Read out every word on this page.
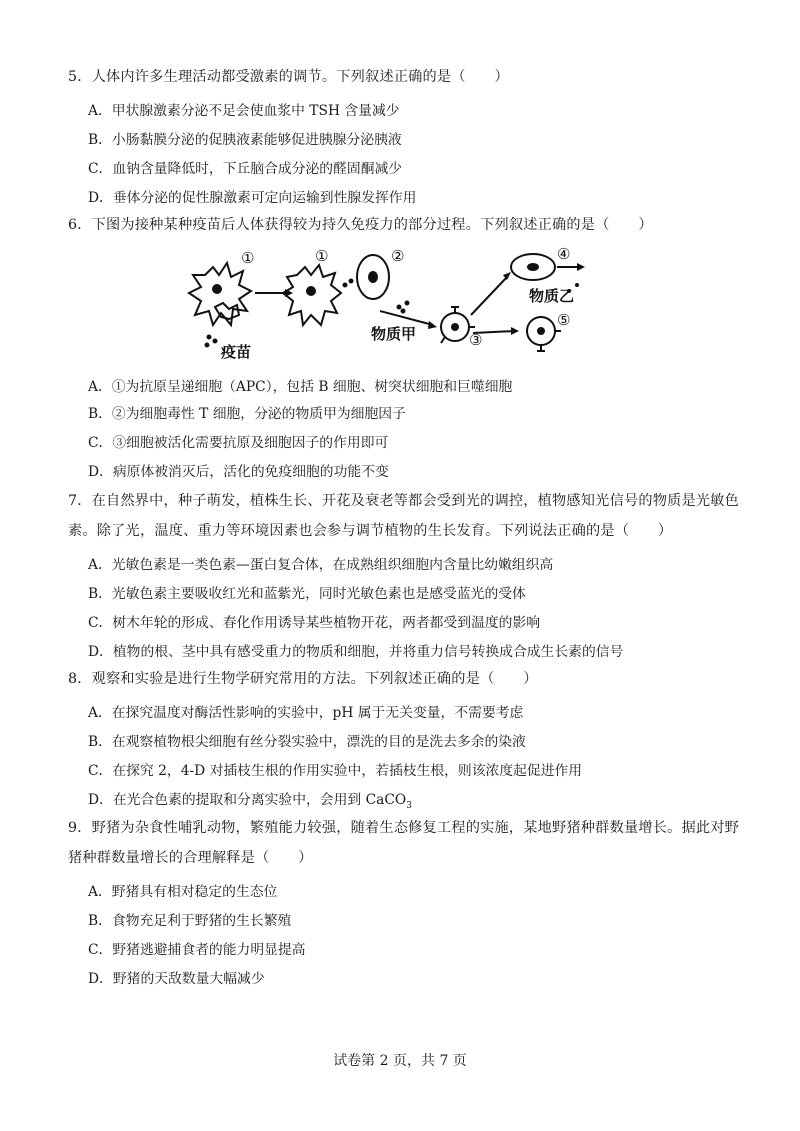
5．人体内许多生理活动都受激素的调节。下列叙述正确的是（　　）
A．甲状腺激素分泌不足会使血浆中 TSH 含量减少
B．小肠黏膜分泌的促胰液素能够促进胰腺分泌胰液
C．血钠含量降低时，下丘脑合成分泌的醛固酮减少
D．垂体分泌的促性腺激素可定向运输到性腺发挥作用
6．下图为接种某种疫苗后人体获得较为持久免疫力的部分过程。下列叙述正确的是（　　）
①	①	②
③
④
⑤
疫苗
物质甲
物质乙
A．①为抗原呈递细胞（APC），包括 B 细胞、树突状细胞和巨噬细胞
B．②为细胞毒性 T 细胞，分泌的物质甲为细胞因子
C．③细胞被活化需要抗原及细胞因子的作用即可
D．病原体被消灭后，活化的免疫细胞的功能不变
7．在自然界中，种子萌发，植株生长、开花及衰老等都会受到光的调控，植物感知光信号的物质是光敏色
素。除了光，温度、重力等环境因素也会参与调节植物的生长发育。下列说法正确的是（　　）
A．光敏色素是一类色素—蛋白复合体，在成熟组织细胞内含量比幼嫩组织高
B．光敏色素主要吸收红光和蓝紫光，同时光敏色素也是感受蓝光的受体
C．树木年轮的形成、春化作用诱导某些植物开花，两者都受到温度的影响
D．植物的根、茎中具有感受重力的物质和细胞，并将重力信号转换成合成生长素的信号
8．观察和实验是进行生物学研究常用的方法。下列叙述正确的是（　　）
A．在探究温度对酶活性影响的实验中，pH 属于无关变量，不需要考虑
B．在观察植物根尖细胞有丝分裂实验中，漂洗的目的是洗去多余的染液
C．在探究 2，4-D 对插枝生根的作用实验中，若插枝生根，则该浓度起促进作用
D．在光合色素的提取和分离实验中，会用到 CaCO$_3$
9．野猪为杂食性哺乳动物，繁殖能力较强，随着生态修复工程的实施，某地野猪种群数量增长。据此对野
猪种群数量增长的合理解释是（　　）
A．野猪具有相对稳定的生态位
B．食物充足利于野猪的生长繁殖
C．野猪逃避捕食者的能力明显提高
D．野猪的天敌数量大幅减少
试卷第 2 页，共 7 页
